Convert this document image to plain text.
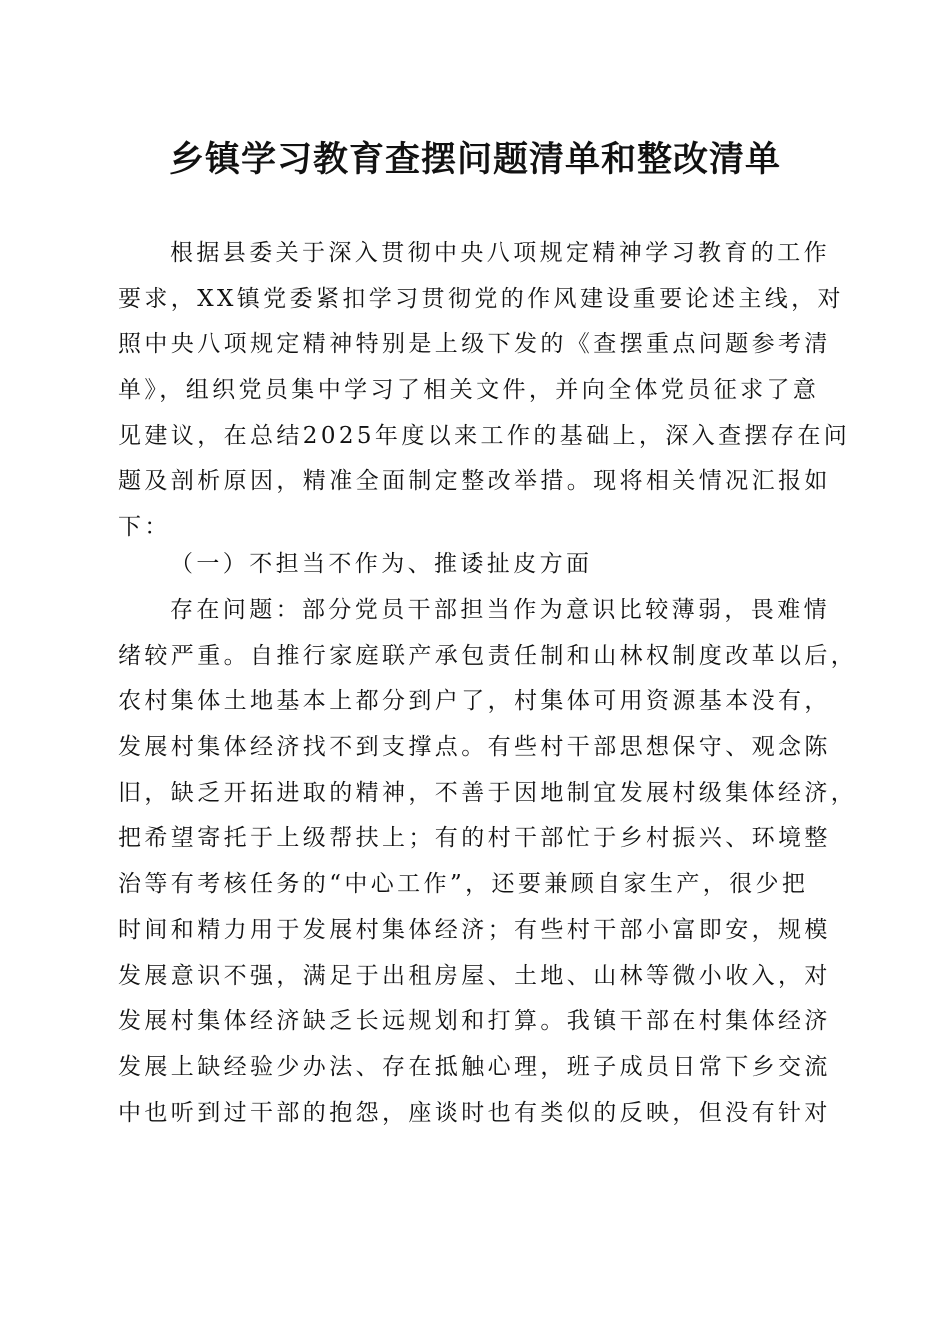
乡镇学习教育查摆问题清单和整改清单
根据县委关于深入贯彻中央八项规定精神学习教育的工作
要求，XX镇党委紧扣学习贯彻党的作风建设重要论述主线，对
照中央八项规定精神特别是上级下发的《查摆重点问题参考清
单》，组织党员集中学习了相关文件，并向全体党员征求了意
见建议，在总结2025年度以来工作的基础上，深入查摆存在问
题及剖析原因，精准全面制定整改举措。现将相关情况汇报如
下：
（一）不担当不作为、推诿扯皮方面
存在问题：部分党员干部担当作为意识比较薄弱，畏难情
绪较严重。自推行家庭联产承包责任制和山林权制度改革以后，
农村集体土地基本上都分到户了，村集体可用资源基本没有，
发展村集体经济找不到支撑点。有些村干部思想保守、观念陈
旧，缺乏开拓进取的精神，不善于因地制宜发展村级集体经济，
把希望寄托于上级帮扶上；有的村干部忙于乡村振兴、环境整
治等有考核任务的“中心工作”，还要兼顾自家生产，很少把
时间和精力用于发展村集体经济；有些村干部小富即安，规模
发展意识不强，满足于出租房屋、土地、山林等微小收入，对
发展村集体经济缺乏长远规划和打算。我镇干部在村集体经济
发展上缺经验少办法、存在抵触心理，班子成员日常下乡交流
中也听到过干部的抱怨，座谈时也有类似的反映，但没有针对
